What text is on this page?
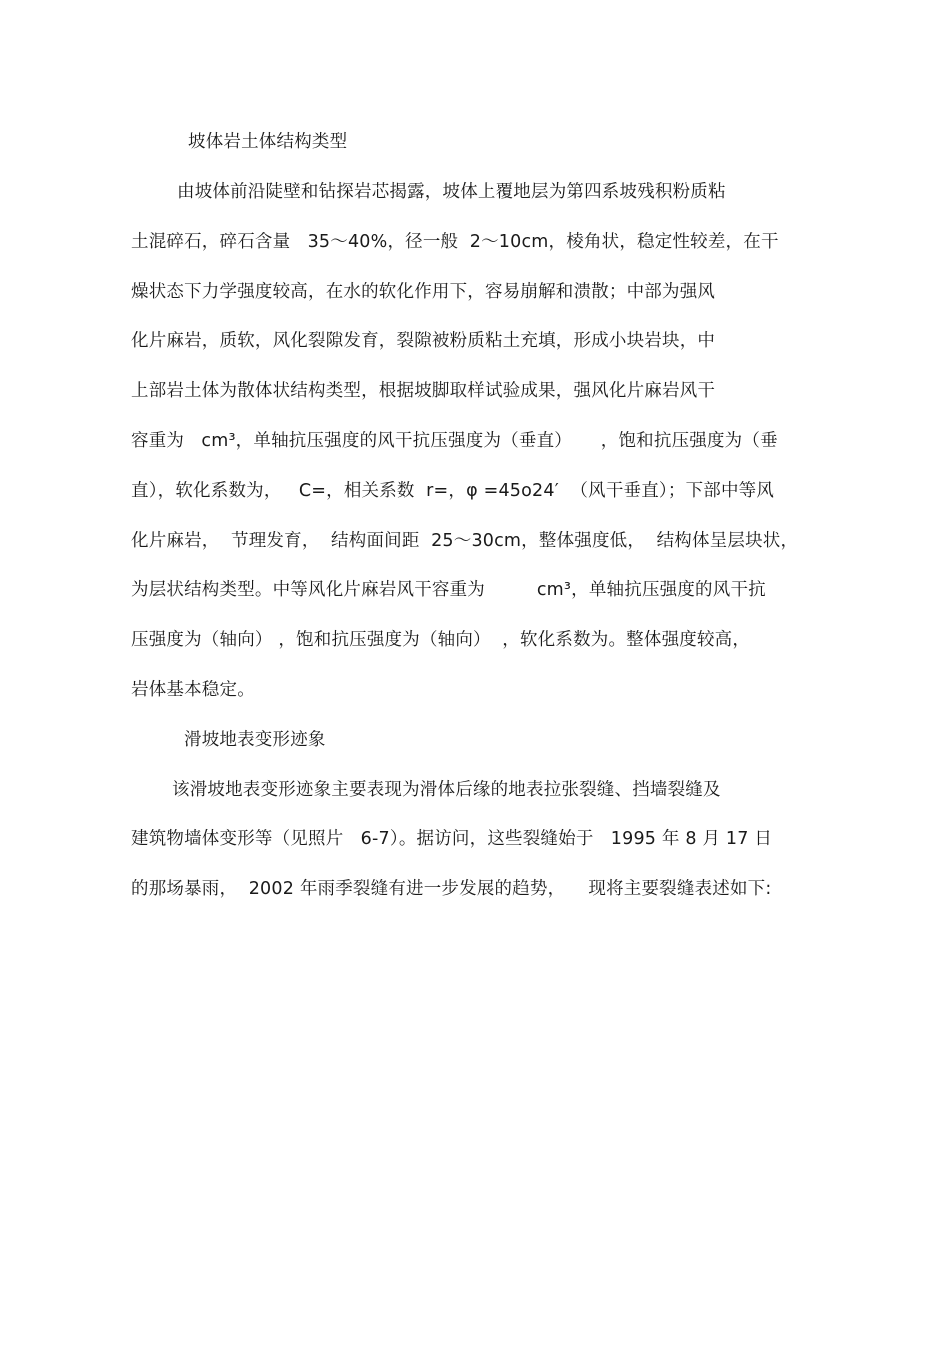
坡体岩土体结构类型
由坡体前沿陡壁和钻探岩芯揭露，坡体上覆地层为第四系坡残积粉质粘
土混碎石，碎石含量   35～40%，径一般  2～10cm，棱角状，稳定性较差，在干
燥状态下力学强度较高，在水的软化作用下，容易崩解和溃散；中部为强风
化片麻岩，质软，风化裂隙发育，裂隙被粉质粘土充填，形成小块岩块，中
上部岩土体为散体状结构类型，根据坡脚取样试验成果，强风化片麻岩风干
容重为   cm³，单轴抗压强度的风干抗压强度为（垂直）     ，饱和抗压强度为（垂
直），软化系数为，   C=，相关系数  r=，φ =45o24′  （风干垂直）；下部中等风
化片麻岩，  节理发育，  结构面间距  25～30cm，整体强度低，  结构体呈层块状，
为层状结构类型。中等风化片麻岩风干容重为         cm³，单轴抗压强度的风干抗
压强度为（轴向） ，饱和抗压强度为（轴向）  ，软化系数为。整体强度较高，
岩体基本稳定。
滑坡地表变形迹象
该滑坡地表变形迹象主要表现为滑体后缘的地表拉张裂缝、挡墙裂缝及
建筑物墙体变形等（见照片   6-7）。据访问，这些裂缝始于   1995 年 8 月 17 日
的那场暴雨，  2002 年雨季裂缝有进一步发展的趋势，    现将主要裂缝表述如下:
